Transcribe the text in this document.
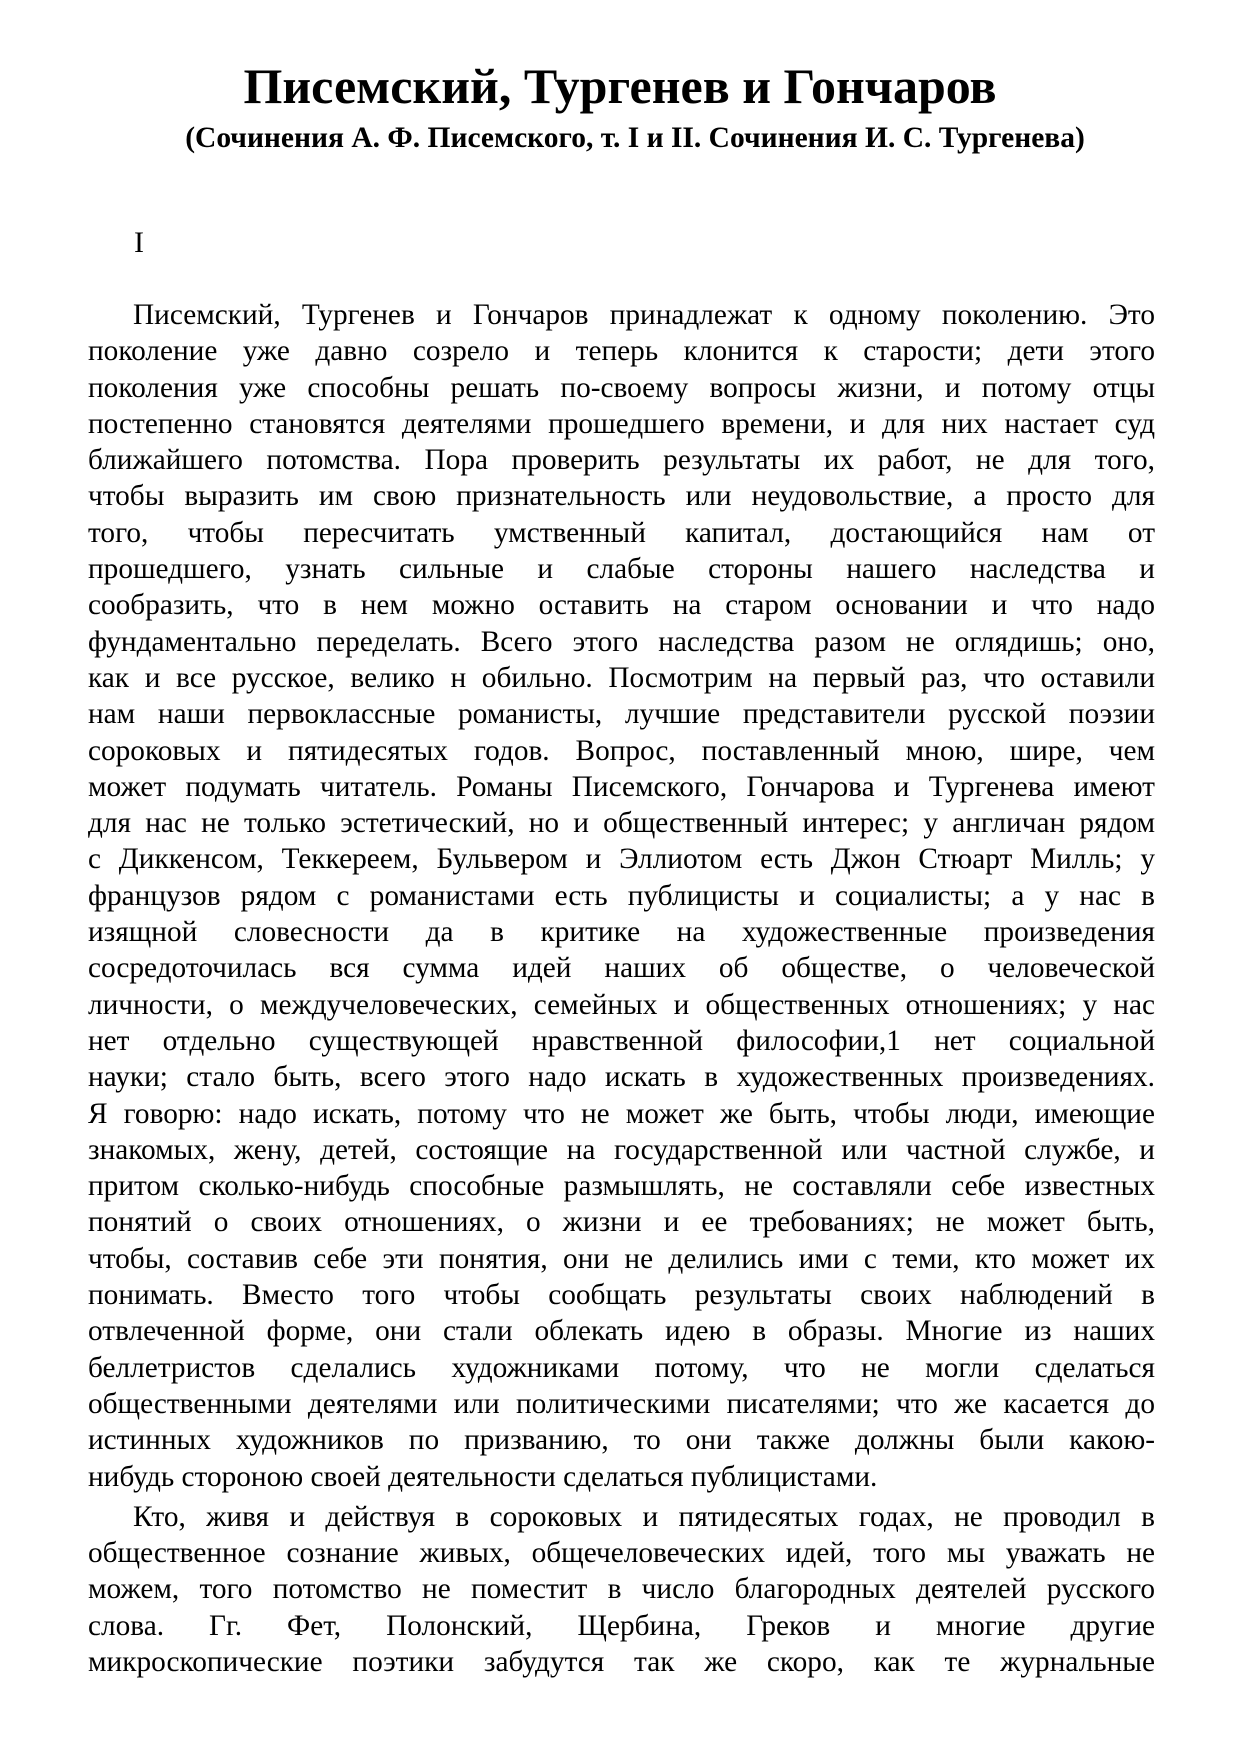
Писемский, Тургенев и Гончаров
(Сочинения А. Ф. Писемского, т. I и II. Сочинения И. С. Тургенева)
I
Писемский, Тургенев и Гончаров принадлежат к одному поколению. Это
поколение уже давно созрело и теперь клонится к старости; дети этого
поколения уже способны решать по-своему вопросы жизни, и потому отцы
постепенно становятся деятелями прошедшего времени, и для них настает суд
ближайшего потомства. Пора проверить результаты их работ, не для того,
чтобы выразить им свою признательность или неудовольствие, а просто для
того, чтобы пересчитать умственный капитал, достающийся нам от
прошедшего, узнать сильные и слабые стороны нашего наследства и
сообразить, что в нем можно оставить на старом основании и что надо
фундаментально переделать. Всего этого наследства разом не оглядишь; оно,
как и все русское, велико н обильно. Посмотрим на первый раз, что оставили
нам наши первоклассные романисты, лучшие представители русской поэзии
сороковых и пятидесятых годов. Вопрос, поставленный мною, шире, чем
может подумать читатель. Романы Писемского, Гончарова и Тургенева имеют
для нас не только эстетический, но и общественный интерес; у англичан рядом
с Диккенсом, Теккереем, Бульвером и Эллиотом есть Джон Стюарт Милль; у
французов рядом с романистами есть публицисты и социалисты; а у нас в
изящной словесности да в критике на художественные произведения
сосредоточилась вся сумма идей наших об обществе, о человеческой
личности, о междучеловеческих, семейных и общественных отношениях; у нас
нет отдельно существующей нравственной философии,1 нет социальной
науки; стало быть, всего этого надо искать в художественных произведениях.
Я говорю: надо искать, потому что не может же быть, чтобы люди, имеющие
знакомых, жену, детей, состоящие на государственной или частной службе, и
притом сколько-нибудь способные размышлять, не составляли себе известных
понятий о своих отношениях, о жизни и ее требованиях; не может быть,
чтобы, составив себе эти понятия, они не делились ими с теми, кто может их
понимать. Вместо того чтобы сообщать результаты своих наблюдений в
отвлеченной форме, они стали облекать идею в образы. Многие из наших
беллетристов сделались художниками потому, что не могли сделаться
общественными деятелями или политическими писателями; что же касается до
истинных художников по призванию, то они также должны были какою-
нибудь стороною своей деятельности сделаться публицистами.
Кто, живя и действуя в сороковых и пятидесятых годах, не проводил в
общественное сознание живых, общечеловеческих идей, того мы уважать не
можем, того потомство не поместит в число благородных деятелей русского
слова. Гг. Фет, Полонский, Щербина, Греков и многие другие
микроскопические поэтики забудутся так же скоро, как те журнальные
